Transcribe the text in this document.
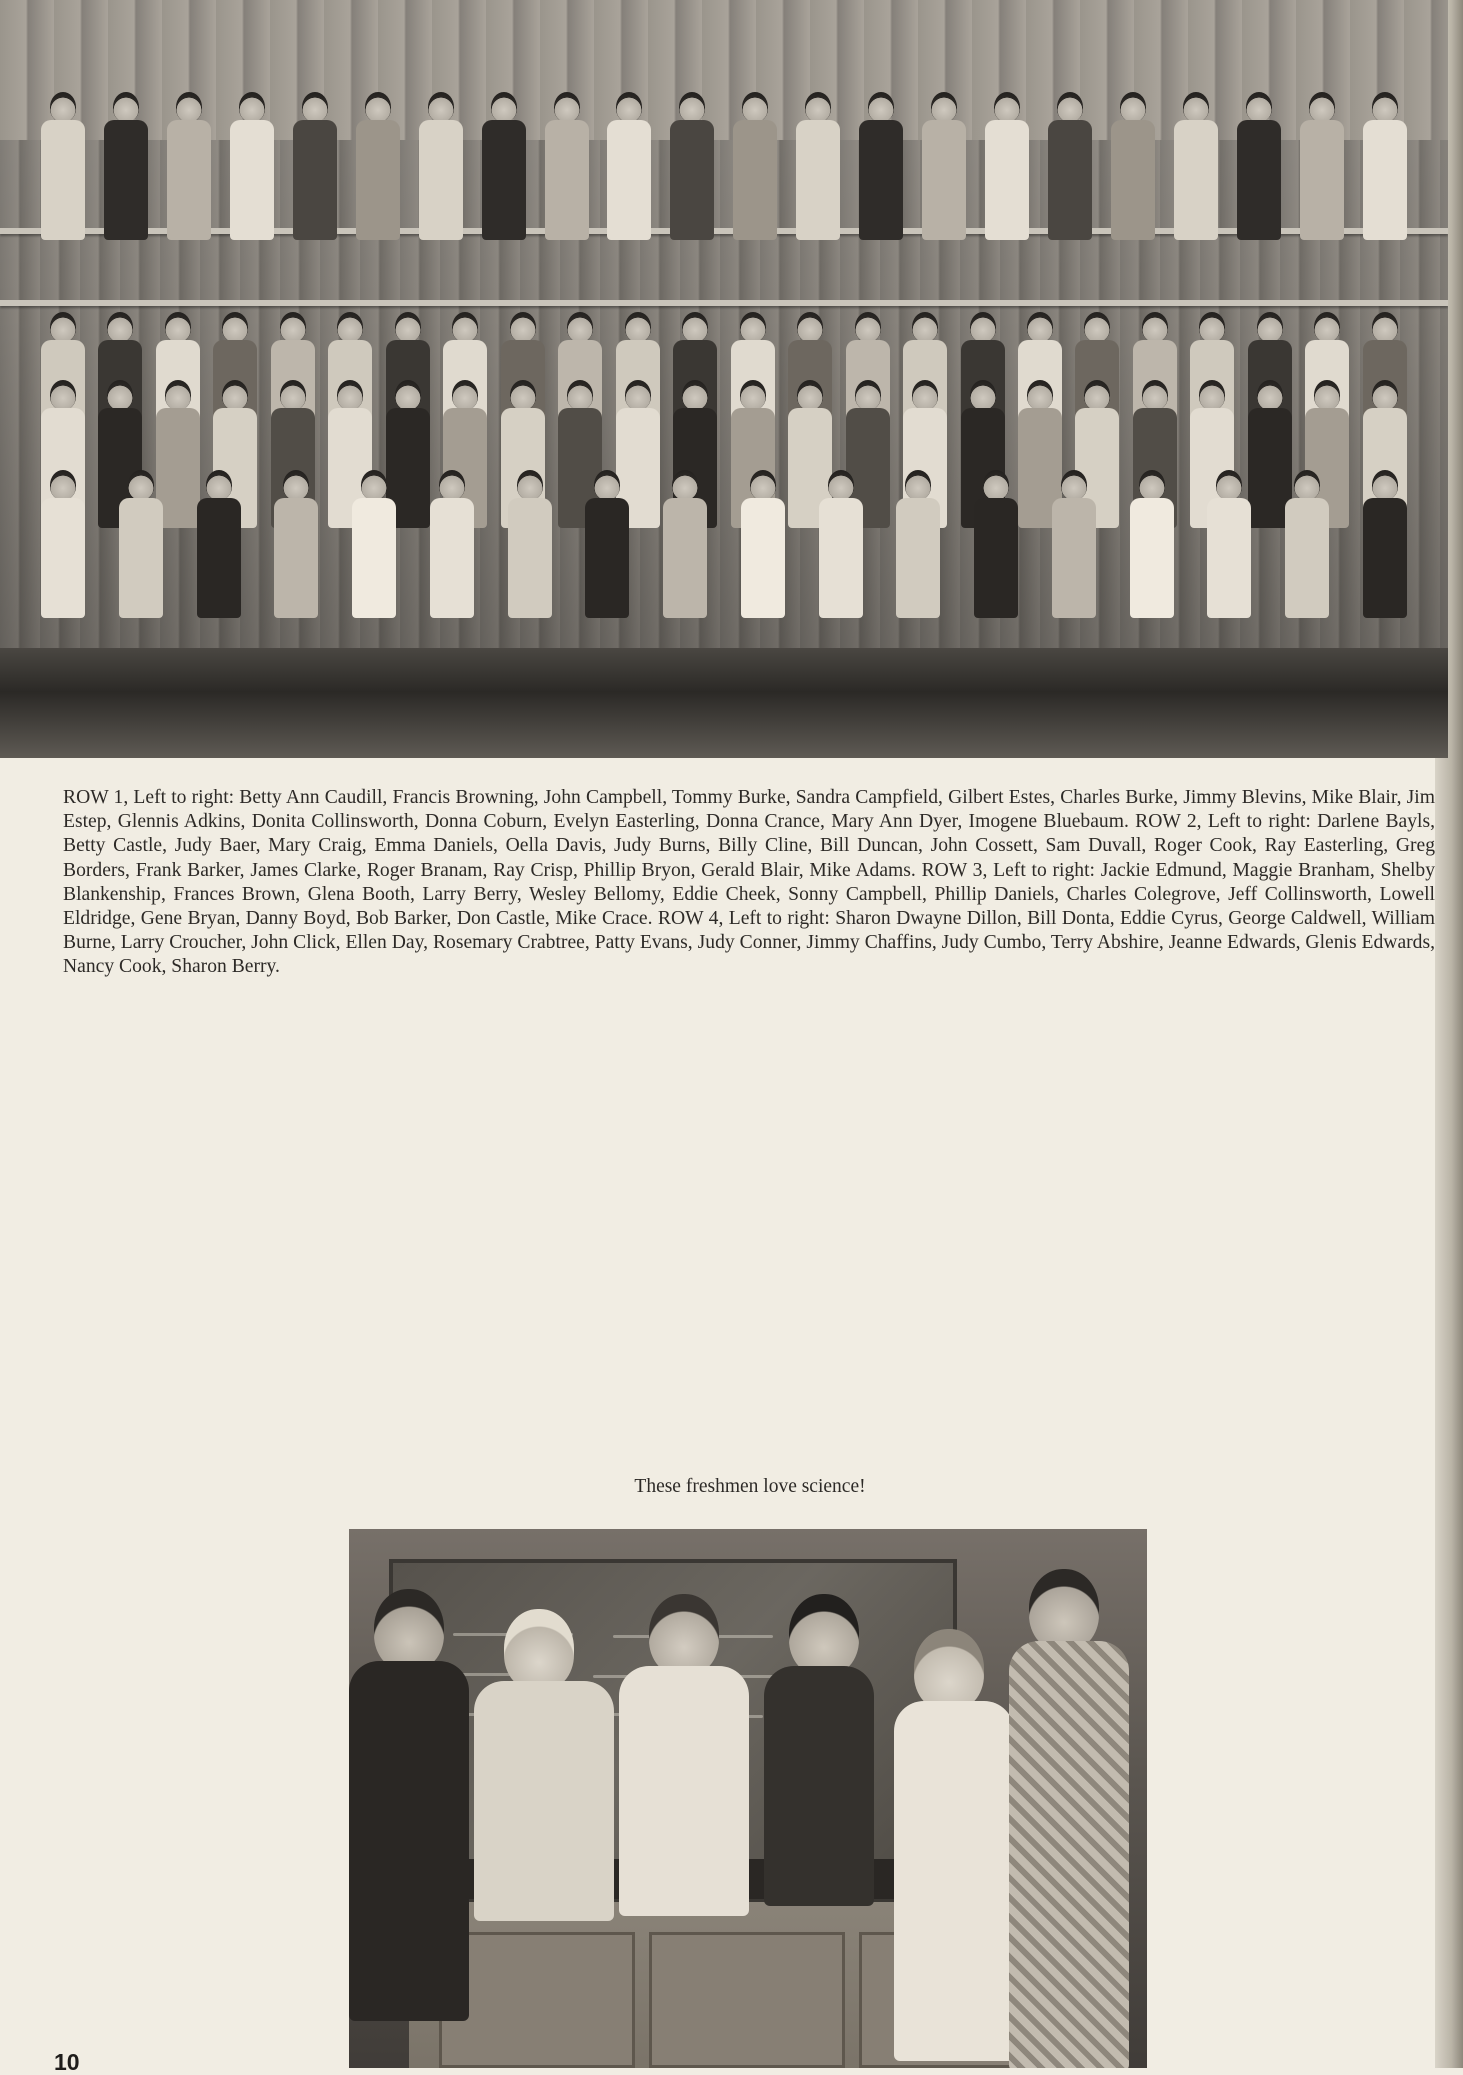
ROW 1, Left to right: Betty Ann Caudill, Francis Browning, John Campbell, Tommy Burke, Sandra Campfield, Gilbert Estes, Charles Burke, Jimmy Blevins, Mike Blair, Jim Estep, Glennis Adkins, Donita Collinsworth, Donna Coburn, Evelyn Easterling, Donna Crance, Mary Ann Dyer, Imogene Bluebaum. ROW 2, Left to right: Darlene Bayls, Betty Castle, Judy Baer, Mary Craig, Emma Daniels, Oella Davis, Judy Burns, Billy Cline, Bill Duncan, John Cossett, Sam Duvall, Roger Cook, Ray Easterling, Greg Borders, Frank Barker, James Clarke, Roger Branam, Ray Crisp, Phillip Bryon, Gerald Blair, Mike Adams. ROW 3, Left to right: Jackie Edmund, Maggie Branham, Shelby Blankenship, Frances Brown, Glena Booth, Larry Berry, Wesley Bellomy, Eddie Cheek, Sonny Campbell, Phillip Daniels, Charles Colegrove, Jeff Collinsworth, Lowell Eldridge, Gene Bryan, Danny Boyd, Bob Barker, Don Castle, Mike Crace. ROW 4, Left to right: Sharon Dwayne Dillon, Bill Donta, Eddie Cyrus, George Caldwell, William Burne, Larry Croucher, John Click, Ellen Day, Rosemary Crabtree, Patty Evans, Judy Conner, Jimmy Chaffins, Judy Cumbo, Terry Abshire, Jeanne Edwards, Glenis Edwards, Nancy Cook, Sharon Berry.
These freshmen love science!
10
